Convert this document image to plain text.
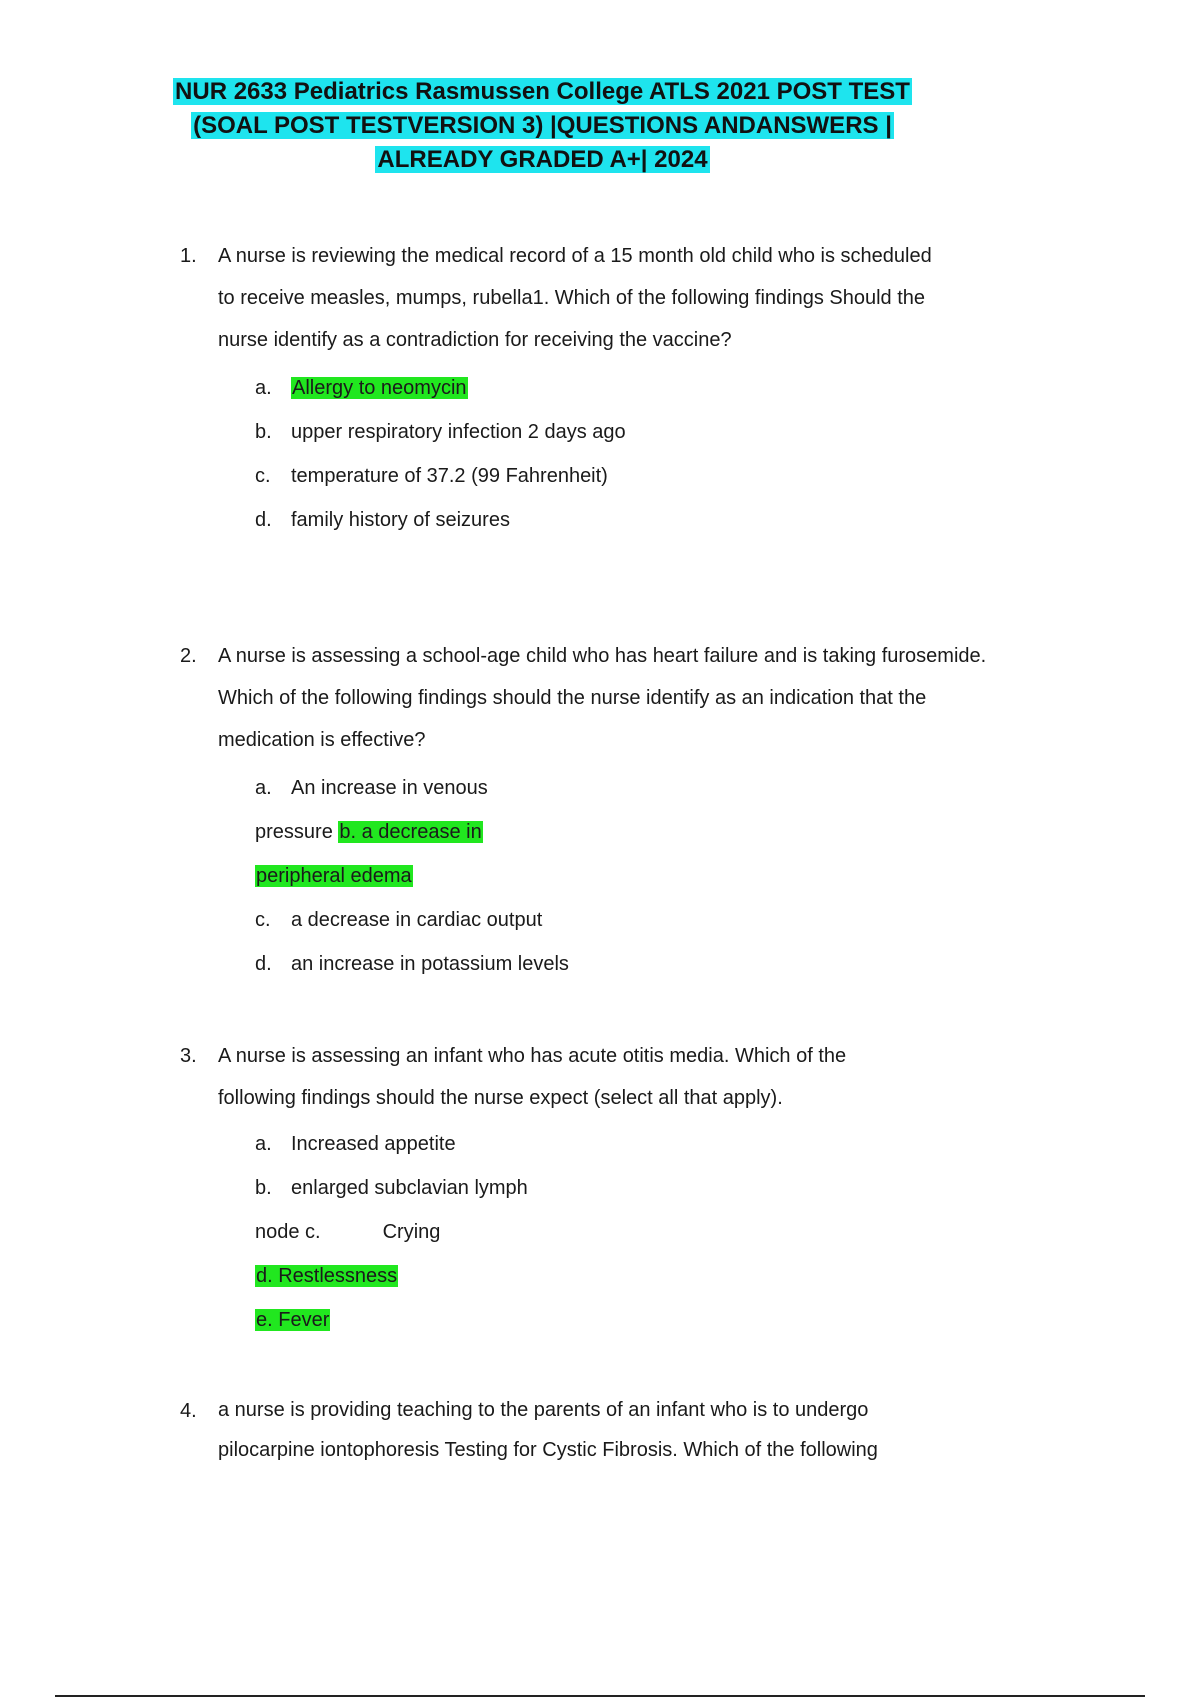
NUR 2633 Pediatrics Rasmussen College ATLS 2021 POST TEST
(SOAL POST TESTVERSION 3) |QUESTIONS ANDANSWERS |
ALREADY GRADED A+| 2024
1.	A nurse is reviewing the medical record of a 15 month old child who is scheduled
to receive measles, mumps, rubella1. Which of the following findings Should the
nurse identify as a contradiction for receiving the vaccine?
a. Allergy to neomycin
b. upper respiratory infection 2 days ago
c. temperature of 37.2 (99 Fahrenheit)
d. family history of seizures
2.	A nurse is assessing a school-age child who has heart failure and is taking furosemide.
Which of the following findings should the nurse identify as an indication that the
medication is effective?
a. An increase in venous
pressure b. a decrease in
peripheral edema
c. a decrease in cardiac output
d. an increase in potassium levels
3.	A nurse is assessing an infant who has acute otitis media. Which of the
following findings should the nurse expect (select all that apply).
a. Increased appetite
b. enlarged subclavian lymph
node c.	Crying
d. Restlessness
e. Fever
4.	a nurse is providing teaching to the parents of an infant who is to undergo
pilocarpine iontophoresis Testing for Cystic Fibrosis. Which of the following
